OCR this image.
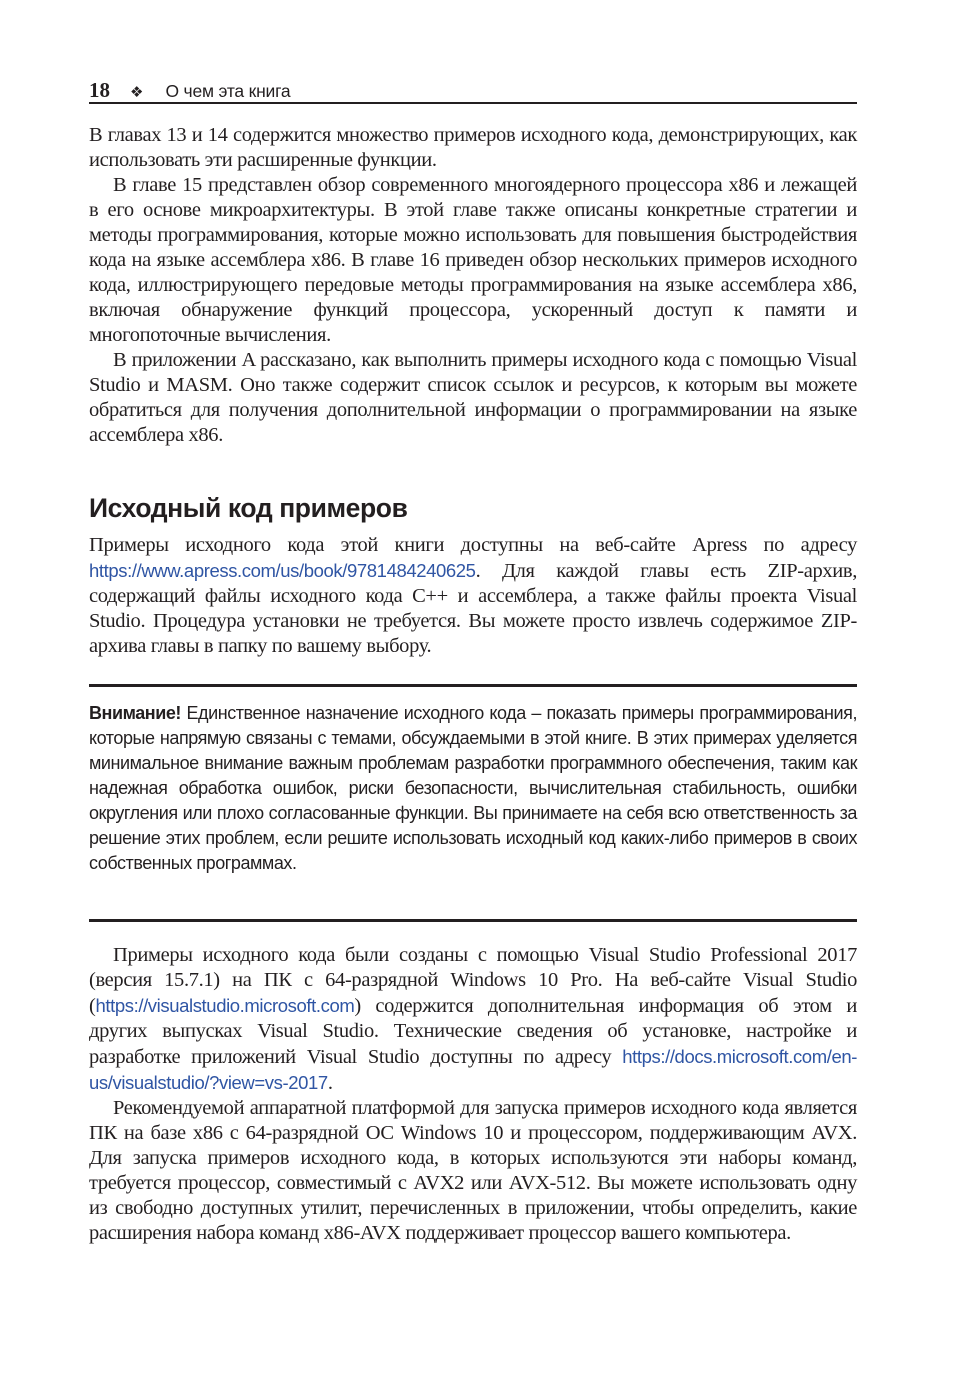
18 ❖ О чем эта книга

В главах 13 и 14 содержится множество примеров исходного кода, демонстрирующих, как использовать эти расширенные функции.

В главе 15 представлен обзор современного многоядерного процессора x86 и лежащей в его основе микроархитектуры. В этой главе также описаны конкретные стратегии и методы программирования, которые можно использовать для повышения быстродействия кода на языке ассемблера x86. В главе 16 приведен обзор нескольких примеров исходного кода, иллюстрирующего передовые методы программирования на языке ассемблера x86, включая обнаружение функций процессора, ускоренный доступ к памяти и многопоточные вычисления.

В приложении A рассказано, как выполнить примеры исходного кода с помощью Visual Studio и MASM. Оно также содержит список ссылок и ресурсов, к которым вы можете обратиться для получения дополнительной информации о программировании на языке ассемблера x86.

Исходный код примеров

Примеры исходного кода этой книги доступны на веб-сайте Apress по адресу https://www.apress.com/us/book/9781484240625. Для каждой главы есть ZIP-архив, содержащий файлы исходного кода C++ и ассемблера, а также файлы проекта Visual Studio. Процедура установки не требуется. Вы можете просто извлечь содержимое ZIP-архива главы в папку по вашему выбору.

Внимание! Единственное назначение исходного кода – показать примеры программирования, которые напрямую связаны с темами, обсуждаемыми в этой книге. В этих примерах уделяется минимальное внимание важным проблемам разработки программного обеспечения, таким как надежная обработка ошибок, риски безопасности, вычислительная стабильность, ошибки округления или плохо согласованные функции. Вы принимаете на себя всю ответственность за решение этих проблем, если решите использовать исходный код каких-либо примеров в своих собственных программах.

Примеры исходного кода были созданы с помощью Visual Studio Professional 2017 (версия 15.7.1) на ПК с 64-разрядной Windows 10 Pro. На веб-сайте Visual Studio (https://visualstudio.microsoft.com) содержится дополнительная информация об этом и других выпусках Visual Studio. Технические сведения об установке, настройке и разработке приложений Visual Studio доступны по адресу https://docs.microsoft.com/en-us/visualstudio/?view=vs-2017.

Рекомендуемой аппаратной платформой для запуска примеров исходного кода является ПК на базе x86 с 64-разрядной ОС Windows 10 и процессором, поддерживающим AVX. Для запуска примеров исходного кода, в которых используются эти наборы команд, требуется процессор, совместимый с AVX2 или AVX-512. Вы можете использовать одну из свободно доступных утилит, перечисленных в приложении, чтобы определить, какие расширения набора команд x86-AVX поддерживает процессор вашего компьютера.
